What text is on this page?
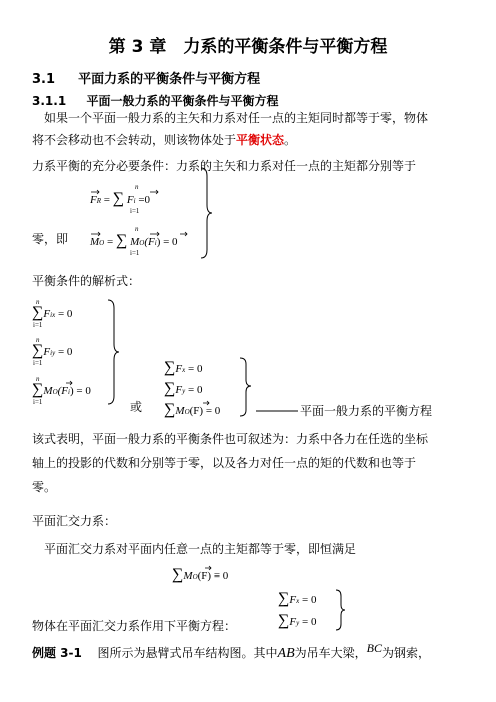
第 3 章　力系的平衡条件与平衡方程
3.1 平面力系的平衡条件与平衡方程
3.1.1 平面一般力系的平衡条件与平衡方程
如果一个平面一般力系的主矢和力系对任一点的主矩同时都等于零，物体
将不会移动也不会转动，则该物体处于平衡状态。
力系平衡的充分必要条件：力系的主矢和力系对任一点的主矩都分别等于
零，即
FR = ∑ Fi =0
n
i=1
MO = ∑ MO(Fi) = 0
n
i=1
平衡条件的解析式：
∑Fix = 0
n
i=1
∑Fiy = 0
n
i=1
∑MO(Fi) = 0
n
i=1	或
∑Fx = 0
∑Fy = 0
∑MO(F) = 0	平面一般力系的平衡方程
该式表明，平面一般力系的平衡条件也可叙述为：力系中各力在任选的坐标
轴上的投影的代数和分别等于零，以及各力对任一点的矩的代数和也等于
零。
平面汇交力系：
平面汇交力系对平面内任意一点的主矩都等于零，即恒满足
∑MO(F) ≡ 0
∑Fx = 0
∑Fy = 0
物体在平面汇交力系作用下平衡方程：
例题 3-1 图所示为悬臂式吊车结构图。其中AB为吊车大梁，BC为钢索，
